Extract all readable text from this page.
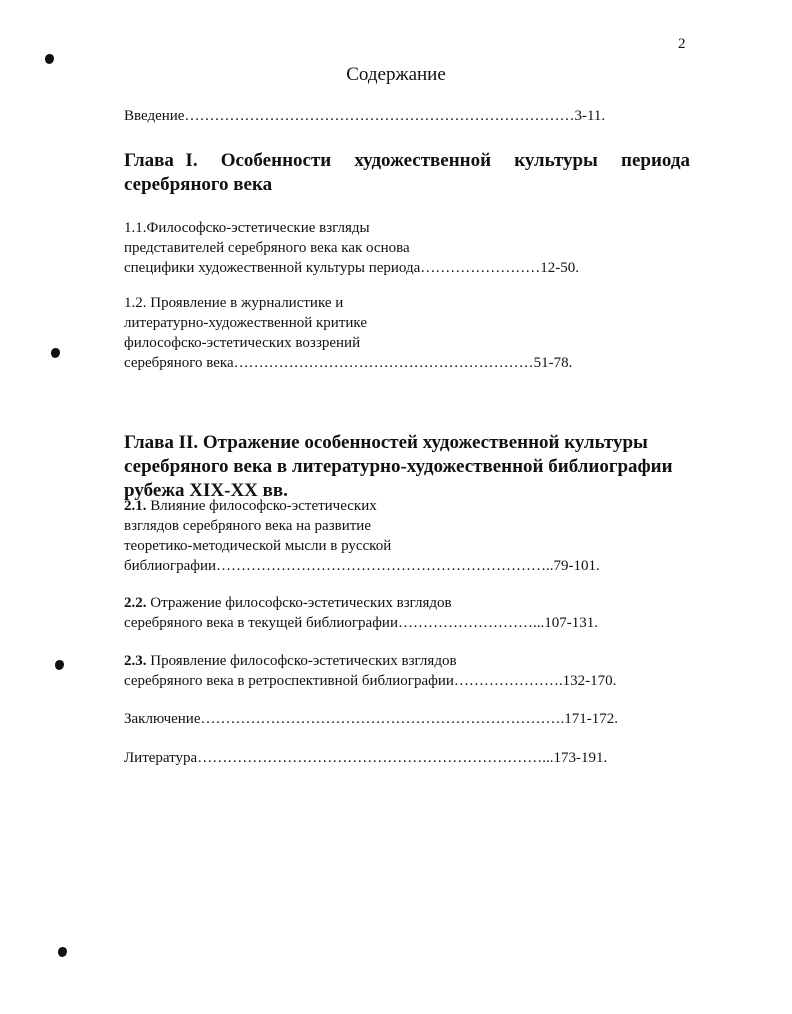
2
Содержание
Введение……………………………………………………………………3-11.
Глава I.  Особенности  художественной  культуры  периода
серебряного века
1.1.Философско-эстетические взгляды
представителей серебряного века как основа
специфики художественной культуры периода……………………12-50.
1.2. Проявление в журналистике и
литературно-художественной критике
философско-эстетических воззрений
серебряного века……………………………………………………51-78.
Глава II. Отражение особенностей художественной культуры
серебряного века в литературно-художественной библиографии
рубежа XIX-XX вв.
2.1. Влияние философско-эстетических
взглядов серебряного века на развитие
теоретико-методической мысли в русской
библиографии…………………………………………………………..79-101.
2.2. Отражение философско-эстетических взглядов
серебряного века в текущей библиографии………………………...107-131.
2.3. Проявление философско-эстетических взглядов
серебряного века в ретроспективной библиографии………………….132-170.
Заключение……………………………………………………………….171-172.
Литература……………………………………………………………...173-191.
